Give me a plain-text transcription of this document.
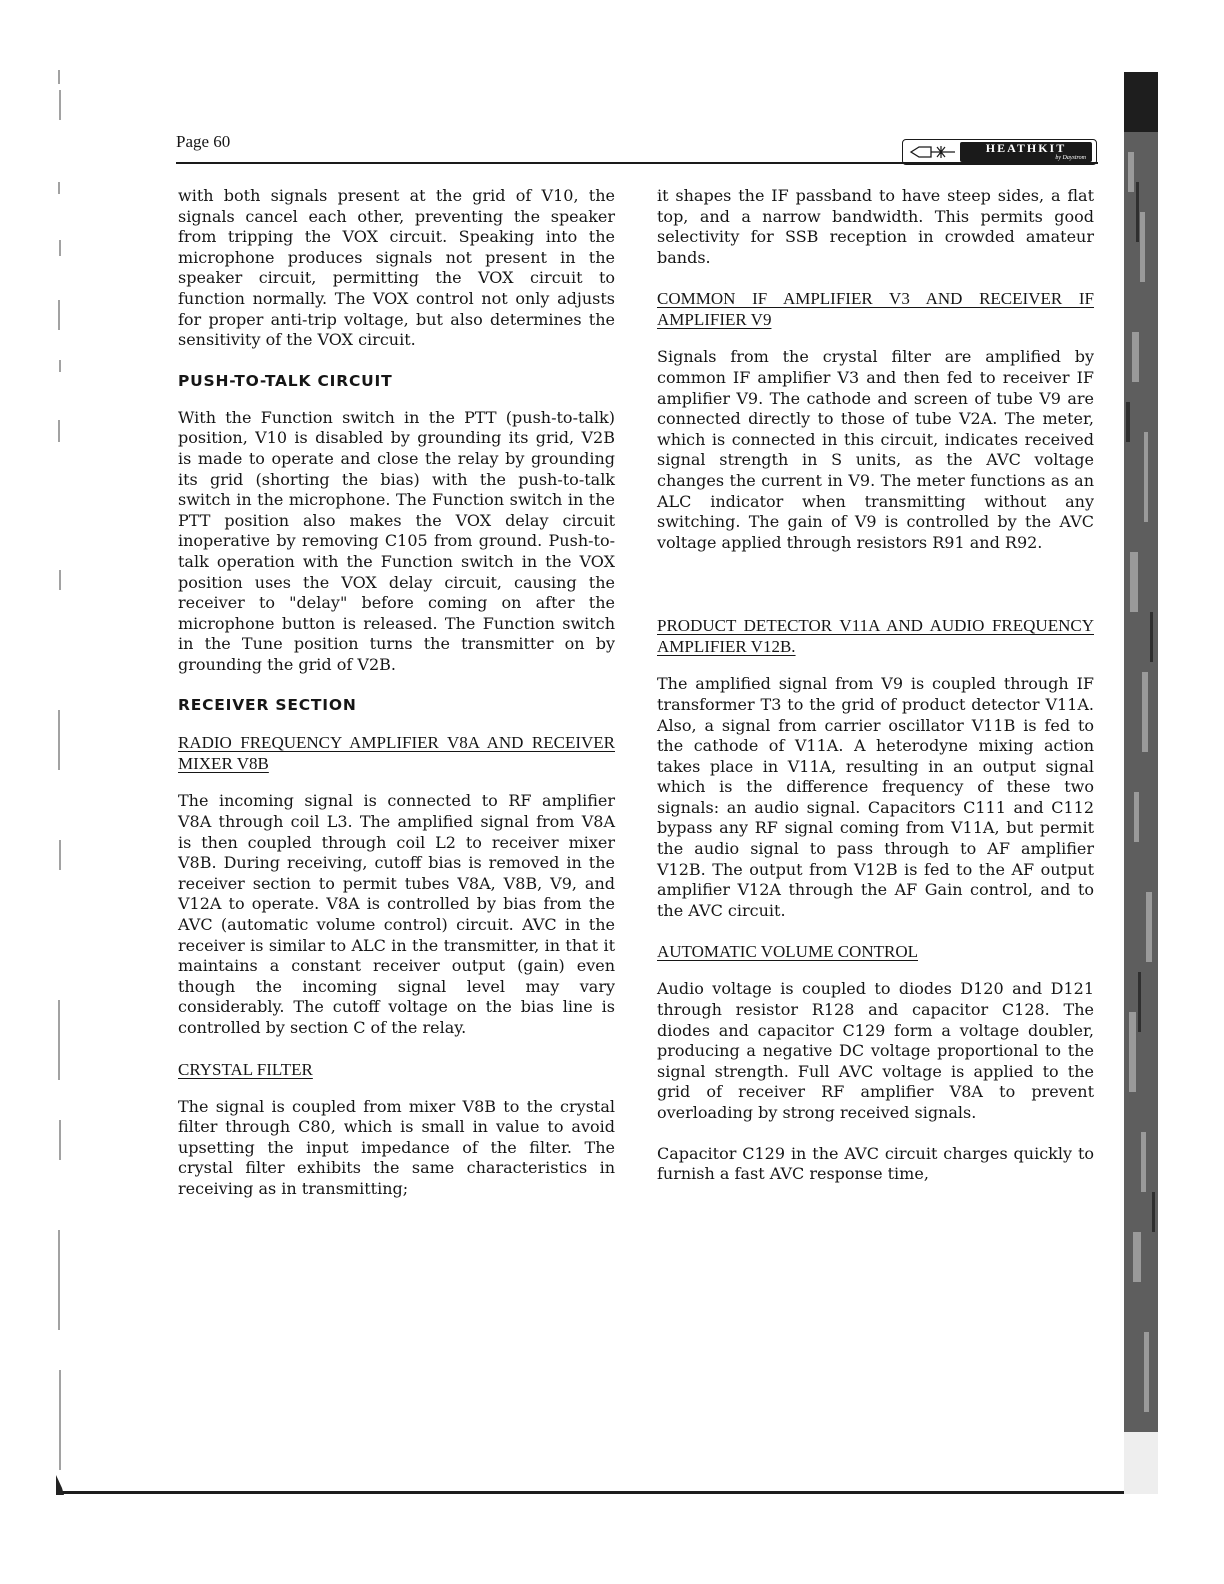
Page 60	HEATHKIT
by Daystrom

with both signals present at the grid of V10, the signals cancel each other, preventing the speaker from tripping the VOX circuit. Speaking into the microphone produces signals not present in the speaker circuit, permitting the VOX circuit to function normally. The VOX control not only adjusts for proper anti-trip voltage, but also determines the sensitivity of the VOX circuit.

PUSH-TO-TALK CIRCUIT

With the Function switch in the PTT (push-to-talk) position, V10 is disabled by grounding its grid, V2B is made to operate and close the relay by grounding its grid (shorting the bias) with the push-to-talk switch in the microphone. The Function switch in the PTT position also makes the VOX delay circuit inoperative by removing C105 from ground. Push-to-talk operation with the Function switch in the VOX position uses the VOX delay circuit, causing the receiver to "delay" before coming on after the microphone button is released. The Function switch in the Tune position turns the transmitter on by grounding the grid of V2B.

RECEIVER SECTION
RADIO FREQUENCY AMPLIFIER V8A AND RECEIVER MIXER V8B

The incoming signal is connected to RF amplifier V8A through coil L3. The amplified signal from V8A is then coupled through coil L2 to receiver mixer V8B. During receiving, cutoff bias is removed in the receiver section to permit tubes V8A, V8B, V9, and V12A to operate. V8A is controlled by bias from the AVC (automatic volume control) circuit. AVC in the receiver is similar to ALC in the transmitter, in that it maintains a constant receiver output (gain) even though the incoming signal level may vary considerably. The cutoff voltage on the bias line is controlled by section C of the relay.

CRYSTAL FILTER

The signal is coupled from mixer V8B to the crystal filter through C80, which is small in value to avoid upsetting the input impedance of the filter. The crystal filter exhibits the same characteristics in receiving as in transmitting;

it shapes the IF passband to have steep sides, a flat top, and a narrow bandwidth. This permits good selectivity for SSB reception in crowded amateur bands.

COMMON IF AMPLIFIER V3 AND RECEIVER IF AMPLIFIER V9

Signals from the crystal filter are amplified by common IF amplifier V3 and then fed to receiver IF amplifier V9. The cathode and screen of tube V9 are connected directly to those of tube V2A. The meter, which is connected in this circuit, indicates received signal strength in S units, as the AVC voltage changes the current in V9. The meter functions as an ALC indicator when transmitting without any switching. The gain of V9 is controlled by the AVC voltage applied through resistors R91 and R92.

PRODUCT DETECTOR V11A AND AUDIO FREQUENCY AMPLIFIER V12B.

The amplified signal from V9 is coupled through IF transformer T3 to the grid of product detector V11A. Also, a signal from carrier oscillator V11B is fed to the cathode of V11A. A heterodyne mixing action takes place in V11A, resulting in an output signal which is the difference frequency of these two signals: an audio signal. Capacitors C111 and C112 bypass any RF signal coming from V11A, but permit the audio signal to pass through to AF amplifier V12B. The output from V12B is fed to the AF output amplifier V12A through the AF Gain control, and to the AVC circuit.

AUTOMATIC VOLUME CONTROL

Audio voltage is coupled to diodes D120 and D121 through resistor R128 and capacitor C128. The diodes and capacitor C129 form a voltage doubler, producing a negative DC voltage proportional to the signal strength. Full AVC voltage is applied to the grid of receiver RF amplifier V8A to prevent overloading by strong received signals.

Capacitor C129 in the AVC circuit charges quickly to furnish a fast AVC response time,
